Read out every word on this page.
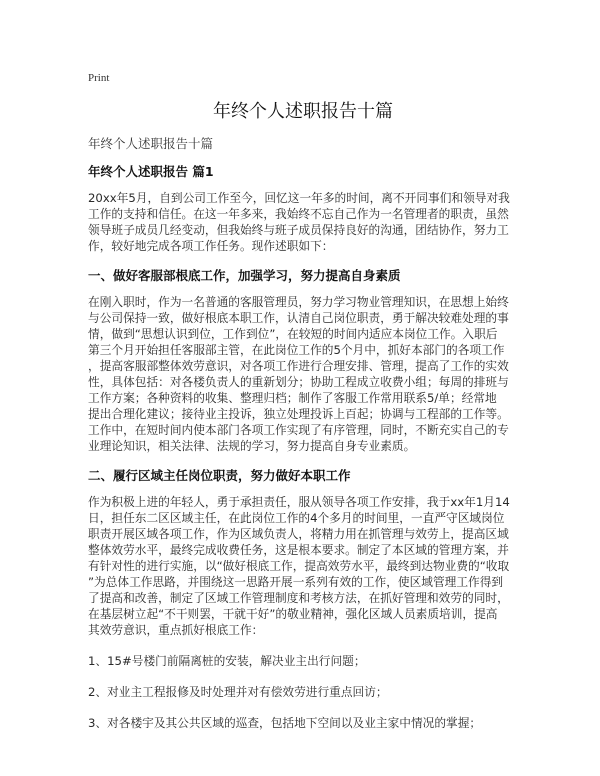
Print
年终个人述职报告十篇
年终个人述职报告十篇
年终个人述职报告 篇1
20xx年5月，自到公司工作至今，回忆这一年多的时间，离不开同事们和领导对我
工作的支持和信任。在这一年多来，我始终不忘自己作为一名管理者的职责，虽然
领导班子成员几经变动，但我始终与班子成员保持良好的沟通，团结协作，努力工
作，较好地完成各项工作任务。现作述职如下：
一、做好客服部根底工作，加强学习，努力提高自身素质
在刚入职时，作为一名普通的客服管理员，努力学习物业管理知识，在思想上始终
与公司保持一致，做好根底本职工作，认清自己岗位职责，勇于解决较难处理的事
情，做到“思想认识到位，工作到位”，在较短的时间内适应本岗位工作。入职后
第三个月开始担任客服部主管，在此岗位工作的5个月中，抓好本部门的各项工作
，提高客服部整体效劳意识，对各项工作进行合理安排、管理，提高了工作的实效
性，具体包括：对各楼负责人的重新划分；协助工程成立收费小组；每周的排班与
工作方案；各种资料的收集、整理归档；制作了客服工作常用联系5/单；经常地
提出合理化建议；接待业主投诉，独立处理投诉上百起；协调与工程部的工作等。
工作中，在短时间内使本部门各项工作实现了有序管理，同时，不断充实自己的专
业理论知识，相关法律、法规的学习，努力提高自身专业素质。
二、履行区域主任岗位职责，努力做好本职工作
作为积极上进的年轻人，勇于承担责任，服从领导各项工作安排，我于xx年1月14
日，担任东二区区域主任，在此岗位工作的4个多月的时间里，一直严守区域岗位
职责开展区域各项工作，作为区域负责人，将精力用在抓管理与效劳上，提高区域
整体效劳水平，最终完成收费任务，这是根本要求。制定了本区域的管理方案，并
有针对性的进行实施，以“做好根底工作，提高效劳水平，最终到达物业费的“收取
”为总体工作思路，并围绕这一思路开展一系列有效的工作，使区域管理工作得到
了提高和改善，制定了区域工作管理制度和考核方法，在抓好管理和效劳的同时，
在基层树立起“不干则罢，干就干好”的敬业精神，强化区域人员素质培训，提高
其效劳意识，重点抓好根底工作：
1、15#号楼门前隔离桩的安装，解决业主出行问题；
2、对业主工程报修及时处理并对有偿效劳进行重点回访；
3、对各楼宇及其公共区域的巡查，包括地下空间以及业主家中情况的掌握；
